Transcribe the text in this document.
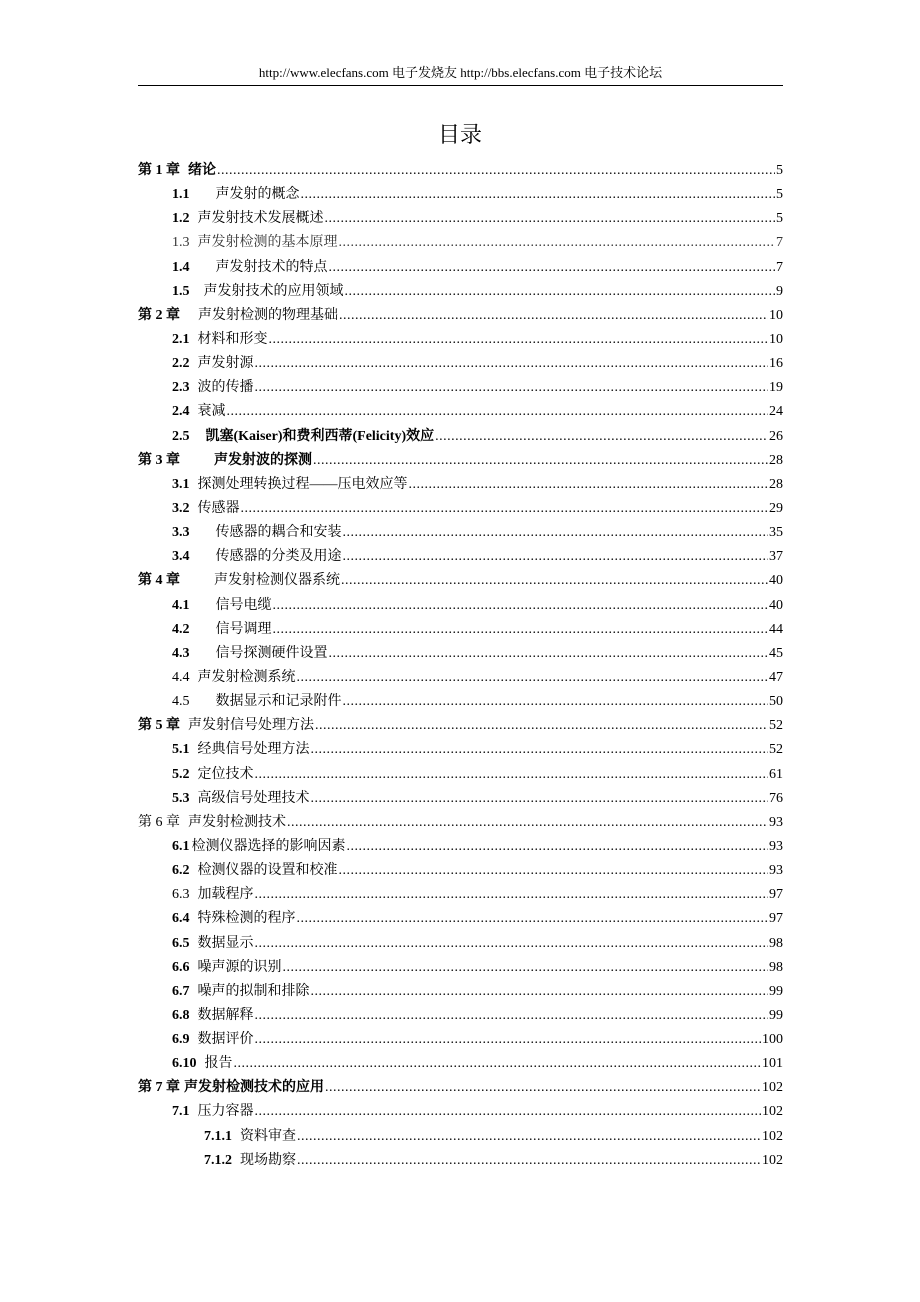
http://www.elecfans.com 电子发烧友 http://bbs.elecfans.com 电子技术论坛
目录
第 1 章 绪论 .....	5
1.1 声发射的概念 .....	5
1.2 声发射技术发展概述 .....	5
1.3 声发射检测的基本原理 .....	7
1.4 声发射技术的特点 .....	7
1.5 声发射技术的应用领域 .....	9
第 2 章 声发射检测的物理基础 .....	10
2.1 材料和形变 .....	10
2.2 声发射源 .....	16
2.3 波的传播 .....	19
2.4 衰减 .....	24
2.5 凯塞(Kaiser)和费利西蒂(Felicity)效应 .....	26
第 3 章 声发射波的探测 .....	28
3.1 探测处理转换过程——压电效应等 .....	28
3.2 传感器 .....	29
3.3 传感器的耦合和安装 .....	35
3.4 传感器的分类及用途 .....	37
第 4 章 声发射检测仪器系统 .....	40
4.1 信号电缆 .....	40
4.2 信号调理 .....	44
4.3 信号探测硬件设置 .....	45
4.4 声发射检测系统 .....	47
4.5 数据显示和记录附件 .....	50
第 5 章 声发射信号处理方法 .....	52
5.1 经典信号处理方法 .....	52
5.2 定位技术 .....	61
5.3 高级信号处理技术 .....	76
第 6 章 声发射检测技术 .....	93
6.1 检测仪器选择的影响因素 .....	93
6.2 检测仪器的设置和校准 .....	93
6.3 加载程序 .....	97
6.4 特殊检测的程序 .....	97
6.5 数据显示 .....	98
6.6 噪声源的识别 .....	98
6.7 噪声的拟制和排除 .....	99
6.8 数据解释 .....	99
6.9 数据评价 .....	100
6.10 报告 .....	101
第 7 章 声发射检测技术的应用 .....	102
7.1 压力容器 .....	102
7.1.1 资料审查 .....	102
7.1.2 现场勘察 .....	102
